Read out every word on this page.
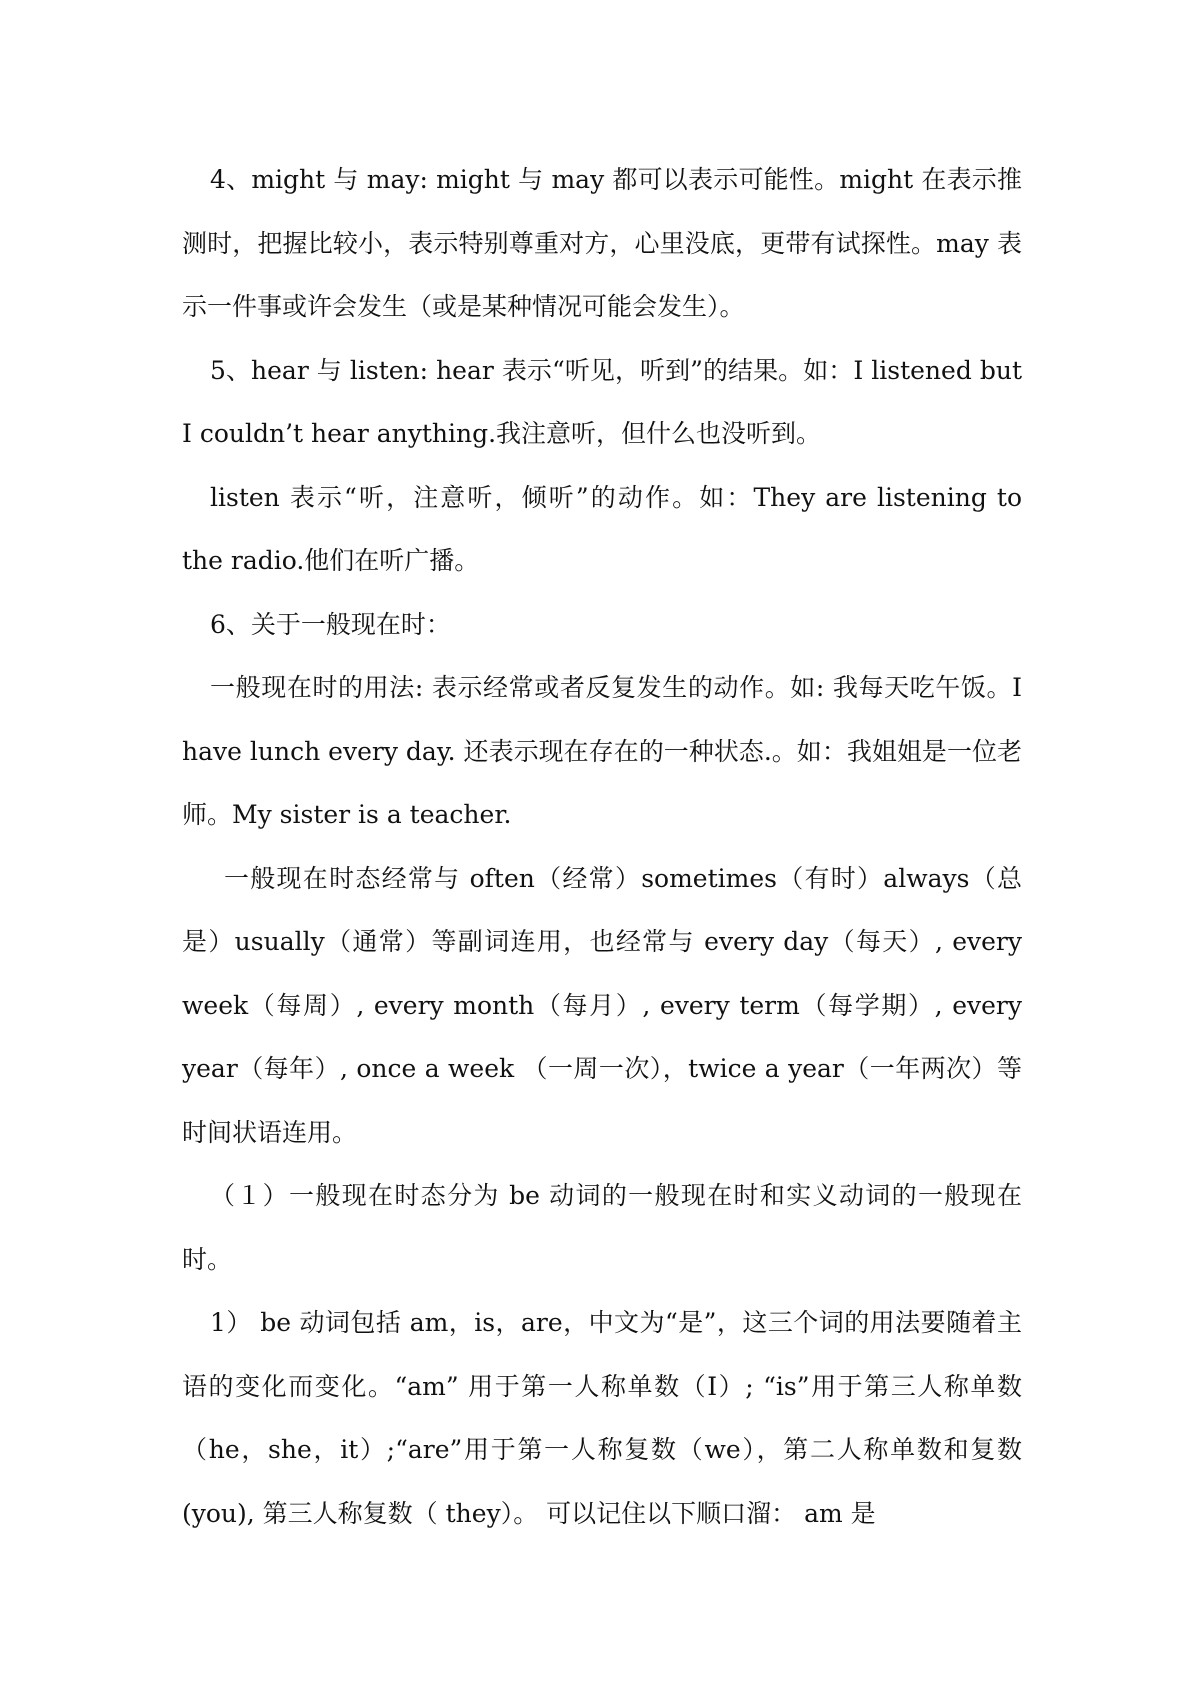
4、might 与 may: might 与 may 都可以表示可能性。might 在表示推测时，把握比较小，表示特别尊重对方，心里没底，更带有试探性。may 表示一件事或许会发生（或是某种情况可能会发生）。

5、hear 与 listen: hear 表示“听见，听到”的结果。如：I listened but I couldn’t hear anything.我注意听，但什么也没听到。

listen 表示“听，注意听，倾听”的动作。如：They are listening to the radio.他们在听广播。

6、关于一般现在时：

一般现在时的用法: 表示经常或者反复发生的动作。如: 我每天吃午饭。I have lunch every day. 还表示现在存在的一种状态.。如：我姐姐是一位老师。My sister is a teacher.

一般现在时态经常与 often（经常）sometimes（有时）always（总是）usually（通常）等副词连用，也经常与 every day（每天）, every week（每周）, every month（每月）, every term（每学期）, every year（每年）, once a week （一周一次），twice a year（一年两次）等时间状语连用。

（１）一般现在时态分为 be 动词的一般现在时和实义动词的一般现在时。

1） be 动词包括 am，is，are，中文为“是”，这三个词的用法要随着主语的变化而变化。“am” 用于第一人称单数（I）; “is”用于第三人称单数（he，she，it）;“are”用于第一人称复数（we），第二人称单数和复数(you), 第三人称复数（ they）。 可以记住以下顺口溜： am 是
